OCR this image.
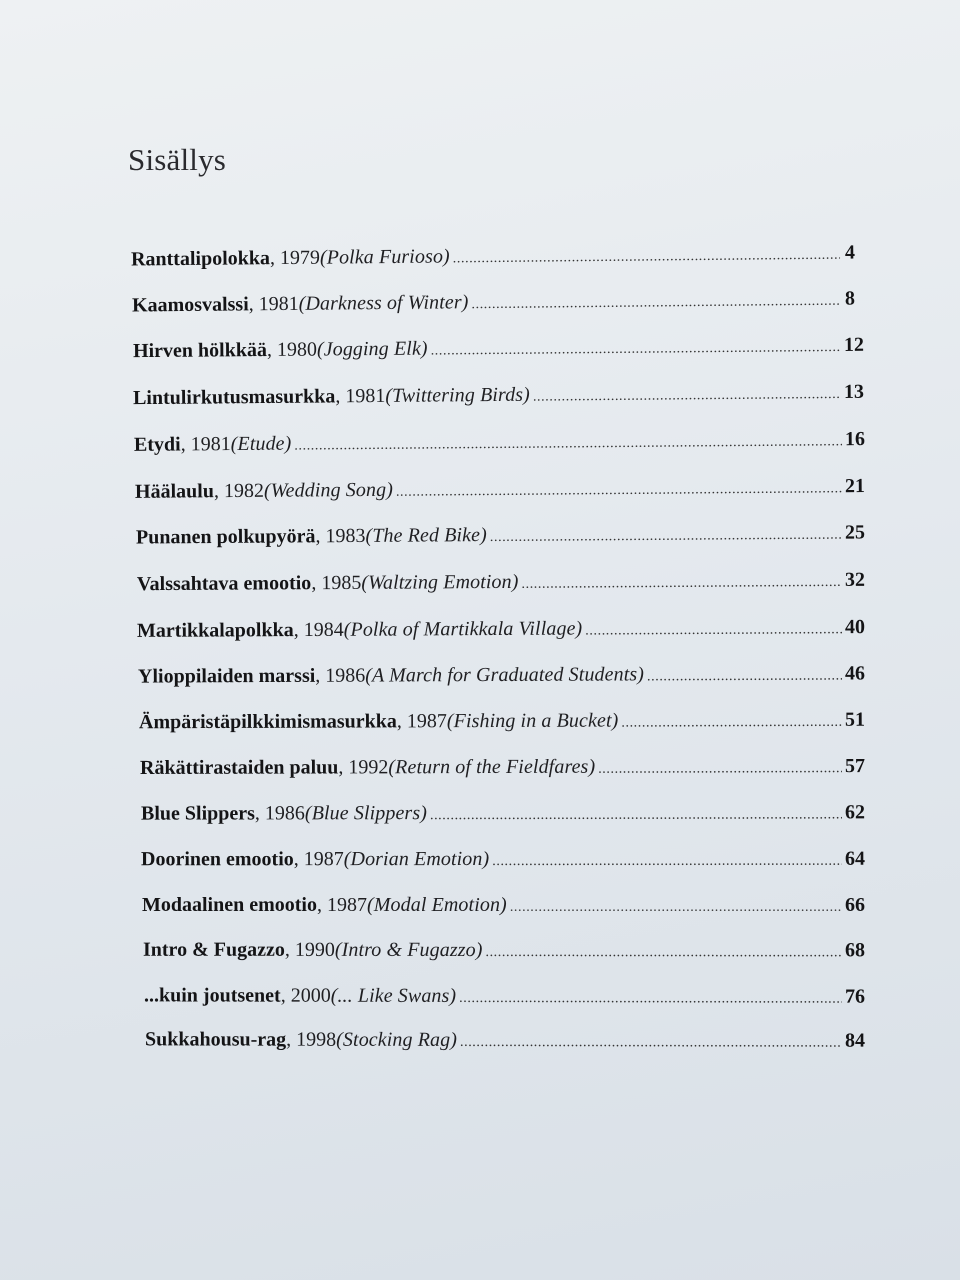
Sisällys
Ranttalipolokka , 1979 (Polka Furioso) .....	4
Kaamosvalssi , 1981 (Darkness of Winter) .....	8
Hirven hölkkää , 1980 (Jogging Elk) .....	12
Lintulirkutusmasurkka , 1981 (Twittering Birds) .....	13
Etydi , 1981 (Etude) .....	16
Häälaulu , 1982 (Wedding Song) .....	21
Punanen polkupyörä , 1983 (The Red Bike) .....	25
Valssahtava emootio , 1985 (Waltzing Emotion) .....	32
Martikkalapolkka , 1984 (Polka of Martikkala Village) .....	40
Ylioppilaiden marssi , 1986 (A March for Graduated Students) .....	46
Ämpäristäpilkkimismasurkka , 1987 (Fishing in a Bucket) .....	51
Räkättirastaiden paluu , 1992 (Return of the Fieldfares) .....	57
Blue Slippers , 1986 (Blue Slippers) .....	62
Doorinen emootio , 1987 (Dorian Emotion) .....	64
Modaalinen emootio , 1987 (Modal Emotion) .....	66
Intro & Fugazzo , 1990 (Intro & Fugazzo) .....	68
...kuin joutsenet , 2000 (... Like Swans) .....	76
Sukkahousu-rag , 1998 (Stocking Rag) .....	84
